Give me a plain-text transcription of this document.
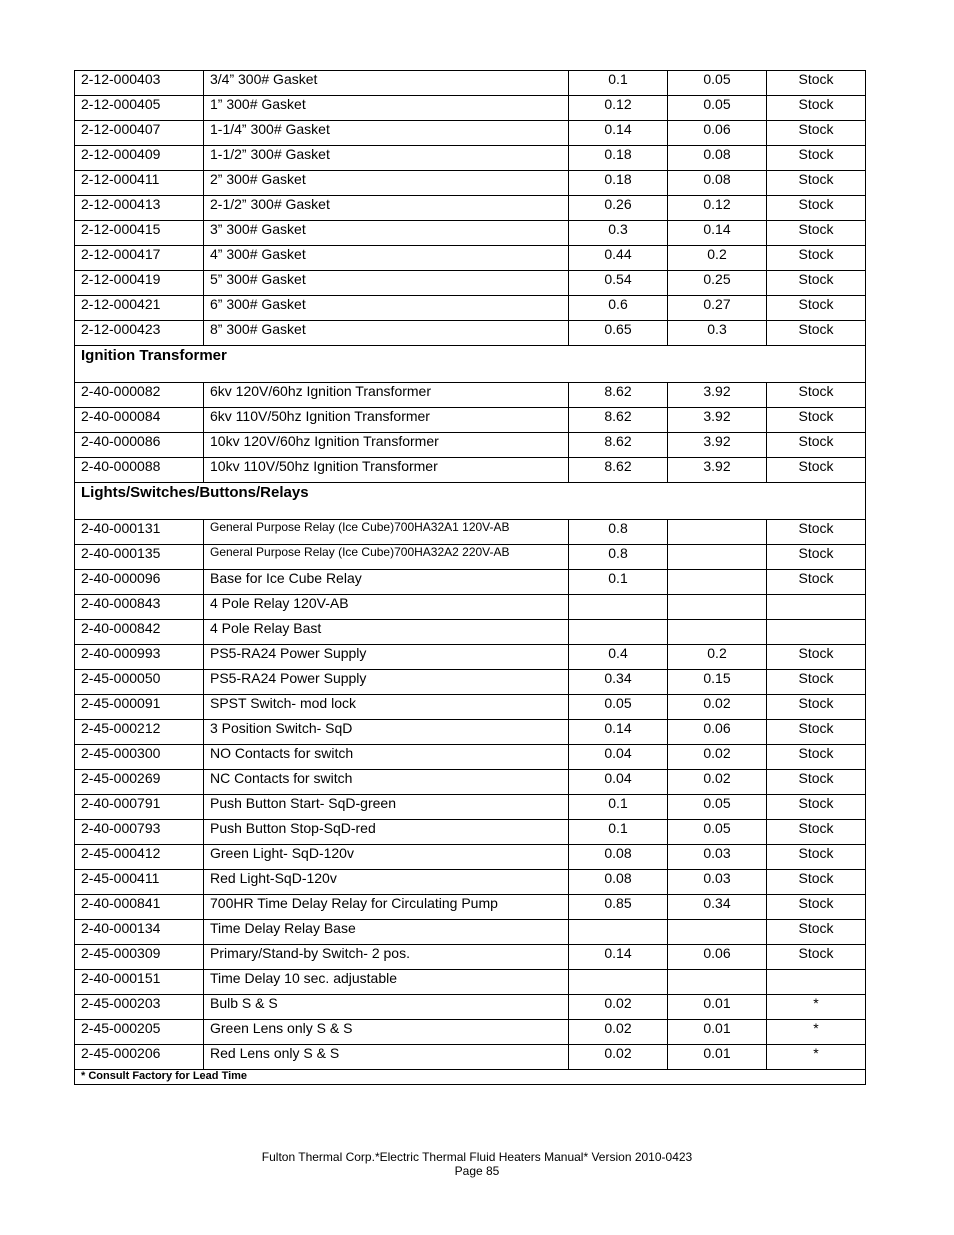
2-12-000403	3/4” 300# Gasket	0.1	0.05	Stock
2-12-000405	1” 300# Gasket	0.12	0.05	Stock
2-12-000407	1-1/4” 300# Gasket	0.14	0.06	Stock
2-12-000409	1-1/2” 300# Gasket	0.18	0.08	Stock
2-12-000411	2” 300# Gasket	0.18	0.08	Stock
2-12-000413	2-1/2” 300# Gasket	0.26	0.12	Stock
2-12-000415	3” 300# Gasket	0.3	0.14	Stock
2-12-000417	4” 300# Gasket	0.44	0.2	Stock
2-12-000419	5” 300# Gasket	0.54	0.25	Stock
2-12-000421	6” 300# Gasket	0.6	0.27	Stock
2-12-000423	8” 300# Gasket	0.65	0.3	Stock
Ignition Transformer				
2-40-000082	6kv 120V/60hz Ignition Transformer	8.62	3.92	Stock
2-40-000084	6kv 110V/50hz Ignition Transformer	8.62	3.92	Stock
2-40-000086	10kv 120V/60hz Ignition Transformer	8.62	3.92	Stock
2-40-000088	10kv 110V/50hz Ignition Transformer	8.62	3.92	Stock
Lights/Switches/Buttons/Relays				
2-40-000131	General Purpose Relay (Ice Cube)700HA32A1 120V-AB	0.8		Stock
2-40-000135	General Purpose Relay (Ice Cube)700HA32A2 220V-AB	0.8		Stock
2-40-000096	Base for Ice Cube Relay	0.1		Stock
2-40-000843	4 Pole Relay 120V-AB			
2-40-000842	4 Pole Relay Bast			
2-40-000993	PS5-RA24 Power Supply	0.4	0.2	Stock
2-45-000050	PS5-RA24 Power Supply	0.34	0.15	Stock
2-45-000091	SPST Switch- mod lock	0.05	0.02	Stock
2-45-000212	3 Position Switch- SqD	0.14	0.06	Stock
2-45-000300	NO Contacts for switch	0.04	0.02	Stock
2-45-000269	NC Contacts for switch	0.04	0.02	Stock
2-40-000791	Push Button Start- SqD-green	0.1	0.05	Stock
2-40-000793	Push Button Stop-SqD-red	0.1	0.05	Stock
2-45-000412	Green Light- SqD-120v	0.08	0.03	Stock
2-45-000411	Red Light-SqD-120v	0.08	0.03	Stock
2-40-000841	700HR Time Delay Relay for Circulating Pump	0.85	0.34	Stock
2-40-000134	Time Delay Relay Base			Stock
2-45-000309	Primary/Stand-by Switch- 2 pos.	0.14	0.06	Stock
2-40-000151	Time Delay 10 sec. adjustable			
2-45-000203	Bulb S & S	0.02	0.01	*
2-45-000205	Green Lens only S & S	0.02	0.01	*
2-45-000206	Red Lens only S & S	0.02	0.01	*
* Consult Factory for Lead Time				
Fulton Thermal Corp.*Electric Thermal Fluid Heaters Manual* Version 2010-0423
Page 85
